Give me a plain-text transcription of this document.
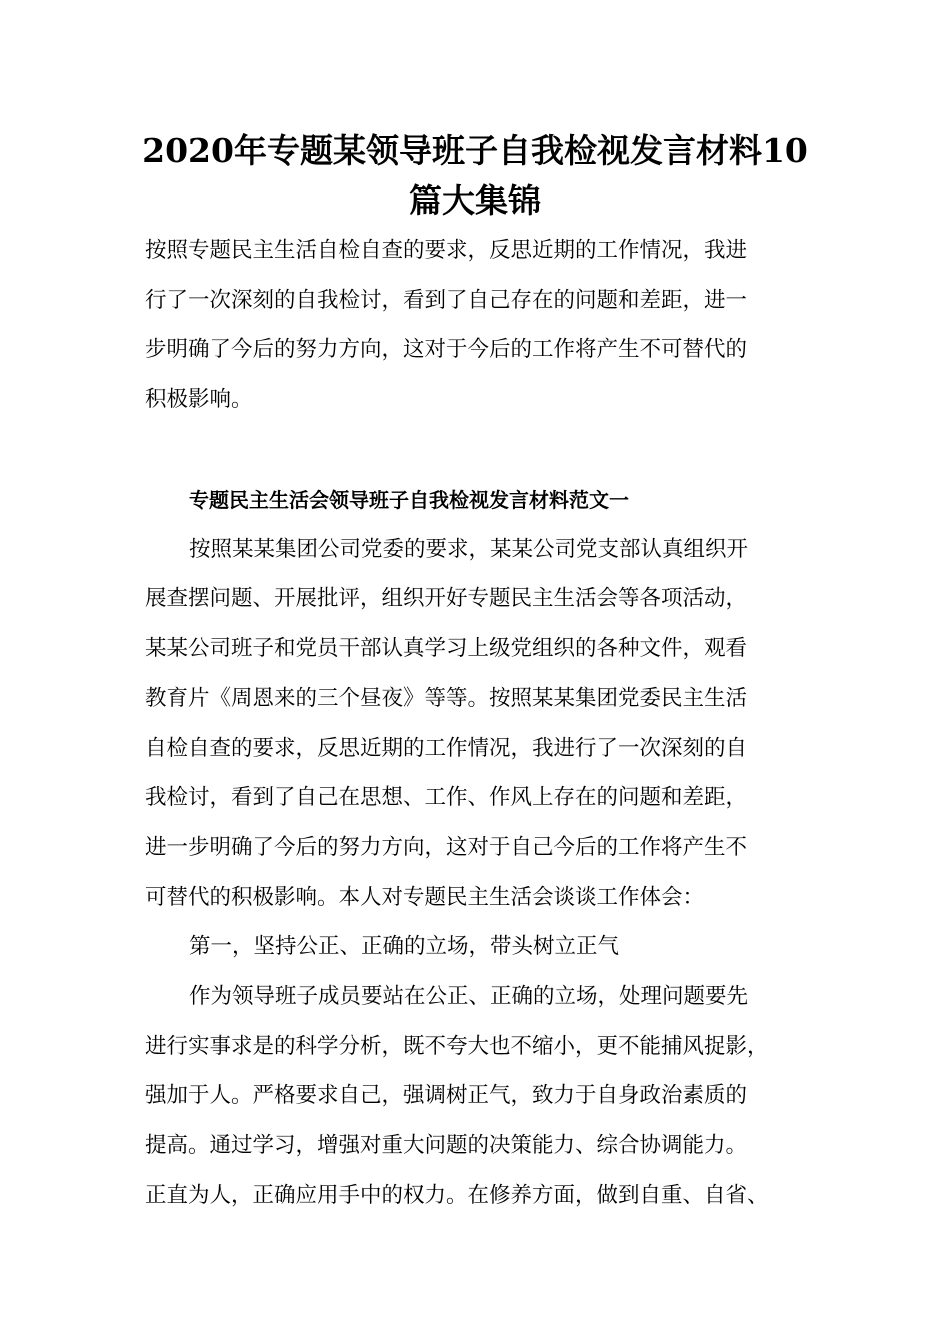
2020年专题某领导班子自我检视发言材料10
篇大集锦
按照专题民主生活自检自查的要求，反思近期的工作情况，我进
行了一次深刻的自我检讨，看到了自己存在的问题和差距，进一
步明确了今后的努力方向，这对于今后的工作将产生不可替代的
积极影响。
专题民主生活会领导班子自我检视发言材料范文一
按照某某集团公司党委的要求，某某公司党支部认真组织开
展查摆问题、开展批评，组织开好专题民主生活会等各项活动，
某某公司班子和党员干部认真学习上级党组织的各种文件，观看
教育片《周恩来的三个昼夜》等等。按照某某集团党委民主生活
自检自查的要求，反思近期的工作情况，我进行了一次深刻的自
我检讨，看到了自己在思想、工作、作风上存在的问题和差距，
进一步明确了今后的努力方向，这对于自己今后的工作将产生不
可替代的积极影响。本人对专题民主生活会谈谈工作体会：
第一，坚持公正、正确的立场，带头树立正气
作为领导班子成员要站在公正、正确的立场，处理问题要先
进行实事求是的科学分析，既不夸大也不缩小，更不能捕风捉影，
强加于人。严格要求自己，强调树正气，致力于自身政治素质的
提高。通过学习，增强对重大问题的决策能力、综合协调能力。
正直为人，正确应用手中的权力。在修养方面，做到自重、自省、
